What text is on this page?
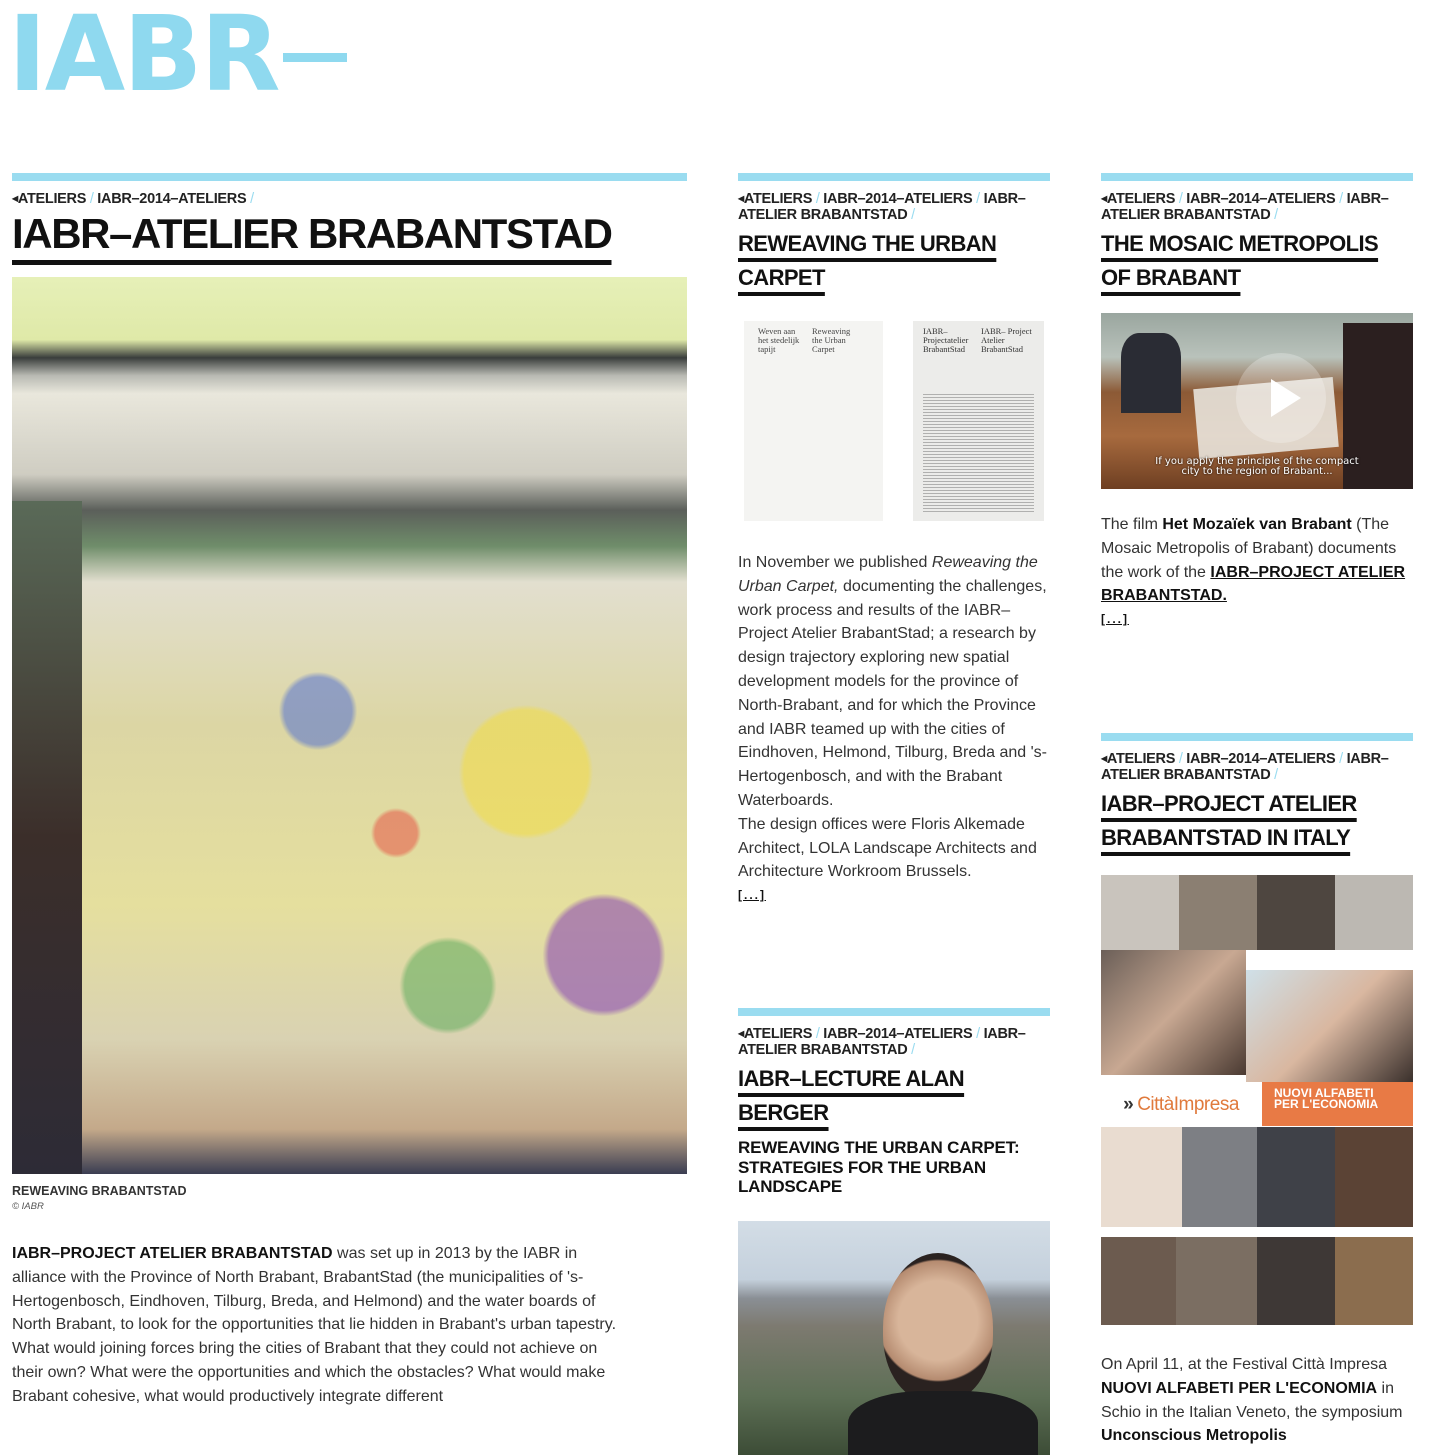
IABR
◀ATELIERS / IABR–2014–ATELIERS /
IABR–ATELIER BRABANTSTAD
REWEAVING BRABANTSTAD
© IABR

IABR–PROJECT ATELIER BRABANTSTAD was set up in 2013 by the IABR in alliance with the Province of North Brabant, BrabantStad (the municipalities of 's-Hertogenbosch, Eindhoven, Tilburg, Breda, and Helmond) and the water boards of North Brabant, to look for the opportunities that lie hidden in Brabant's urban tapestry.
What would joining forces bring the cities of Brabant that they could not achieve on their own? What were the opportunities and which the obstacles? What would make Brabant cohesive, what would productively integrate different

◀ATELIERS / IABR–2014–ATELIERS / IABR–ATELIER BRABANTSTAD /
REWEAVING THE URBAN
CARPET
Weven aan het stedelijk tapijt
Reweaving the Urban Carpet
IABR– Projectatelier BrabantStad
IABR– Project Atelier BrabantStad

In November we published Reweaving the Urban Carpet, documenting the challenges, work process and results of the IABR–Project Atelier BrabantStad; a research by design trajectory exploring new spatial development models for the province of North-Brabant, and for which the Province and IABR teamed up with the cities of Eindhoven, Helmond, Tilburg, Breda and 's-Hertogenbosch, and with the Brabant Waterboards.
The design offices were Floris Alkemade Architect, LOLA Landscape Architects and Architecture Workroom Brussels.

[...]
◀ATELIERS / IABR–2014–ATELIERS / IABR–ATELIER BRABANTSTAD /
IABR–LECTURE ALAN
BERGER
REWEAVING THE URBAN CARPET: STRATEGIES FOR THE URBAN LANDSCAPE
◀ATELIERS / IABR–2014–ATELIERS / IABR–ATELIER BRABANTSTAD /
THE MOSAIC METROPOLIS
OF BRABANT
If you apply the principle of the compact city to the region of Brabant...

The film Het Mozaïek van Brabant (The Mosaic Metropolis of Brabant) documents the work of the IABR–PROJECT ATELIER BRABANTSTAD.

[...]
◀ATELIERS / IABR–2014–ATELIERS / IABR–ATELIER BRABANTSTAD /
IABR–PROJECT ATELIER
BRABANTSTAD IN ITALY
» CittàImpresa
NUOVI ALFABETI
PER L'ECONOMIA

On April 11, at the Festival Città Impresa NUOVI ALFABETI PER L'ECONOMIA in Schio in the Italian Veneto, the symposium Unconscious Metropolis
